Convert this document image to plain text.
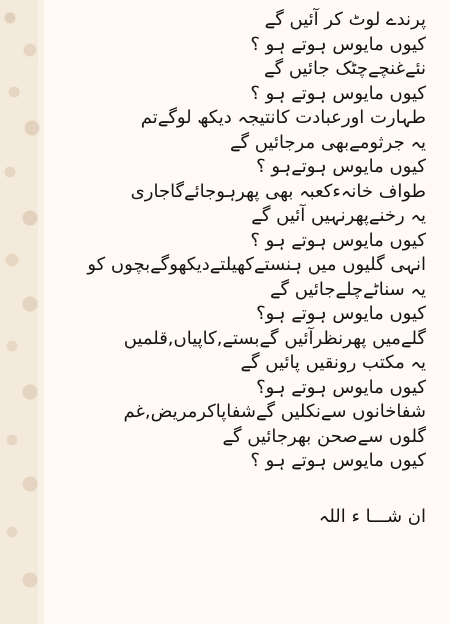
پرندے لوٹ کر آئیں گے
کیوں مایوس ہوتے ہو ؟
نئےغنچےچٹک جائیں گے
کیوں مایوس ہوتے ہو ؟
طہارت اورعبادت کانتیجہ دیکھ لوگےتم
یہ جرثومےبھی مرجائیں گے
کیوں مایوس ہوتےہو ؟
طواف خانہءکعبہ بھی پھرہوجائےگاجاری
یہ رخنےپھرنہیں آئیں گے
کیوں مایوس ہوتے ہو ؟
انہی گلیوں میں ہنستےکھیلتےدیکھوگےبچوں کو
یہ سناٹےچلےجائیں گے
کیوں مایوس ہوتے ہو؟
گلےمیں پھرنظرآئیں گےبستے,کاپیاں,قلمیں
یہ مکتب رونقیں پائیں گے
کیوں مایوس ہوتے ہو؟
شفاخانوں سےنکلیں گےشفاپاکرمریض,غم
گلوں سےصحن بھرجائیں گے
کیوں مایوس ہوتے ہو ؟
ان شـــا ء اللہ
